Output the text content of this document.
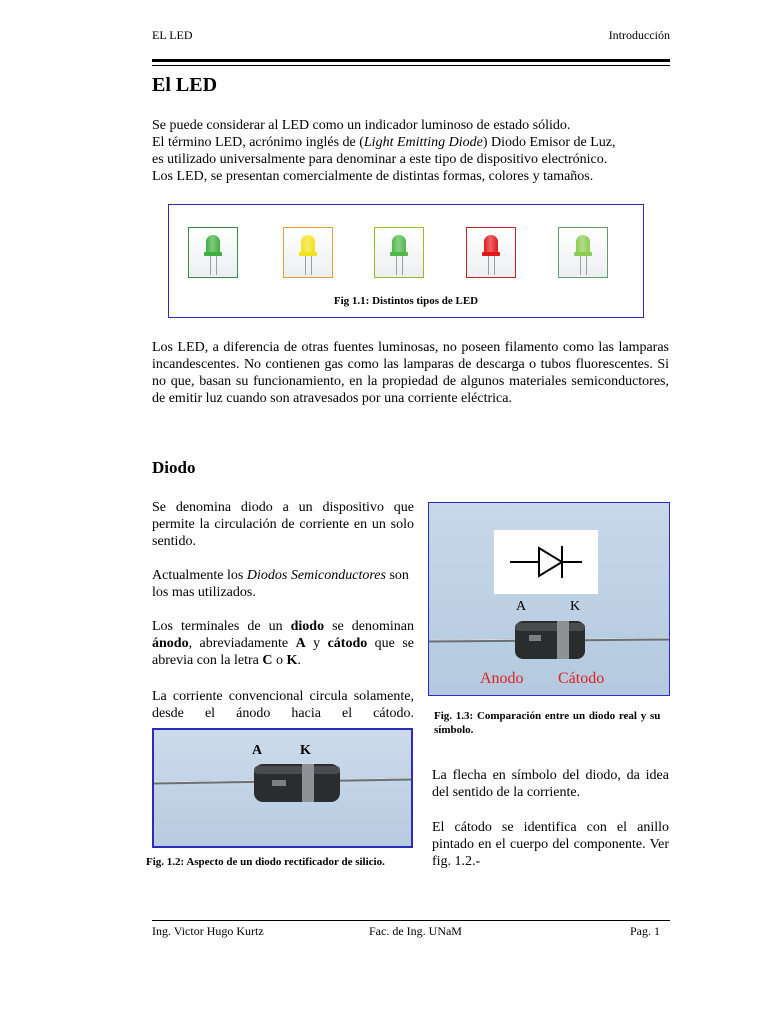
EL LED	Introducción
El LED
Se puede considerar al LED como un indicador luminoso de estado sólido.
El término LED, acrónimo inglés de (Light Emitting Diode) Diodo Emisor de Luz,
es utilizado universalmente para denominar a este tipo de dispositivo electrónico.
Los LED, se presentan comercialmente de distintas formas, colores y tamaños.
Fig 1.1: Distintos tipos de LED
Los LED, a diferencia de otras fuentes luminosas, no poseen filamento como las lamparas incandescentes. No contienen gas como las lamparas de descarga o tubos fluorescentes. Si no que, basan su funcionamiento, en la propiedad de algunos materiales semiconductores, de emitir luz cuando son atravesados por una corriente eléctrica.
Diodo
Se denomina diodo a un dispositivo que permite la circulación de corriente en un solo sentido.
Actualmente los Diodos Semiconductores son los mas utilizados.
Los terminales de un diodo se denominan ánodo, abreviadamente A y cátodo que se abrevia con la letra C o K.
La corriente convencional circula solamente, desde el ánodo hacia el cátodo.
A	K
Anodo Cátodo
Fig. 1.3: Comparación entre un diodo real y su símbolo.
A	K
Fig. 1.2: Aspecto de un diodo rectificador de silicio.
La flecha en símbolo del diodo, da idea del sentido de la corriente.
El cátodo se identifica con el anillo pintado en el cuerpo del componente. Ver fig. 1.2.-
Ing. Victor Hugo Kurtz	Fac. de Ing. UNaM	Pag. 1
